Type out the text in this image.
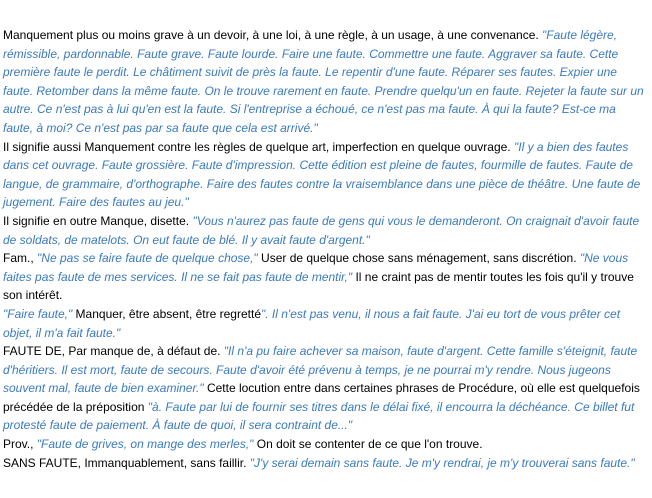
Manquement plus ou moins grave à un devoir, à une loi, à une règle, à un usage, à une convenance. "Faute légère, rémissible, pardonnable. Faute grave. Faute lourde. Faire une faute. Commettre une faute. Aggraver sa faute. Cette première faute le perdit. Le châtiment suivit de près la faute. Le repentir d'une faute. Réparer ses fautes. Expier une faute. Retomber dans la même faute. On le trouve rarement en faute. Prendre quelqu'un en faute. Rejeter la faute sur un autre. Ce n'est pas à lui qu'en est la faute. Si l'entreprise a échoué, ce n'est pas ma faute. À qui la faute? Est-ce ma faute, à moi? Ce n'est pas par sa faute que cela est arrivé."

Il signifie aussi Manquement contre les règles de quelque art, imperfection en quelque ouvrage. "Il y a bien des fautes dans cet ouvrage. Faute grossière. Faute d'impression. Cette édition est pleine de fautes, fourmille de fautes. Faute de langue, de grammaire, d'orthographe. Faire des fautes contre la vraisemblance dans une pièce de théâtre. Une faute de jugement. Faire des fautes au jeu."

Il signifie en outre Manque, disette. "Vous n'aurez pas faute de gens qui vous le demanderont. On craignait d'avoir faute de soldats, de matelots. On eut faute de blé. Il y avait faute d'argent."

Fam., "Ne pas se faire faute de quelque chose," User de quelque chose sans ménagement, sans discrétion. "Ne vous faites pas faute de mes services. Il ne se fait pas faute de mentir," Il ne craint pas de mentir toutes les fois qu'il y trouve son intérêt.

"Faire faute," Manquer, être absent, être regretté". Il n'est pas venu, il nous a fait faute. J'ai eu tort de vous prêter cet objet, il m'a fait faute."

FAUTE DE, Par manque de, à défaut de. "Il n'a pu faire achever sa maison, faute d'argent. Cette famille s'éteignit, faute d'héritiers. Il est mort, faute de secours. Faute d'avoir été prévenu à temps, je ne pourrai m'y rendre. Nous jugeons souvent mal, faute de bien examiner." Cette locution entre dans certaines phrases de Procédure, où elle est quelquefois précédée de la préposition "à. Faute par lui de fournir ses titres dans le délai fixé, il encourra la déchéance. Ce billet fut protesté faute de paiement. À faute de quoi, il sera contraint de..."

Prov., "Faute de grives, on mange des merles," On doit se contenter de ce que l'on trouve.

SANS FAUTE, Immanquablement, sans faillir. "J'y serai demain sans faute. Je m'y rendrai, je m'y trouverai sans faute."
